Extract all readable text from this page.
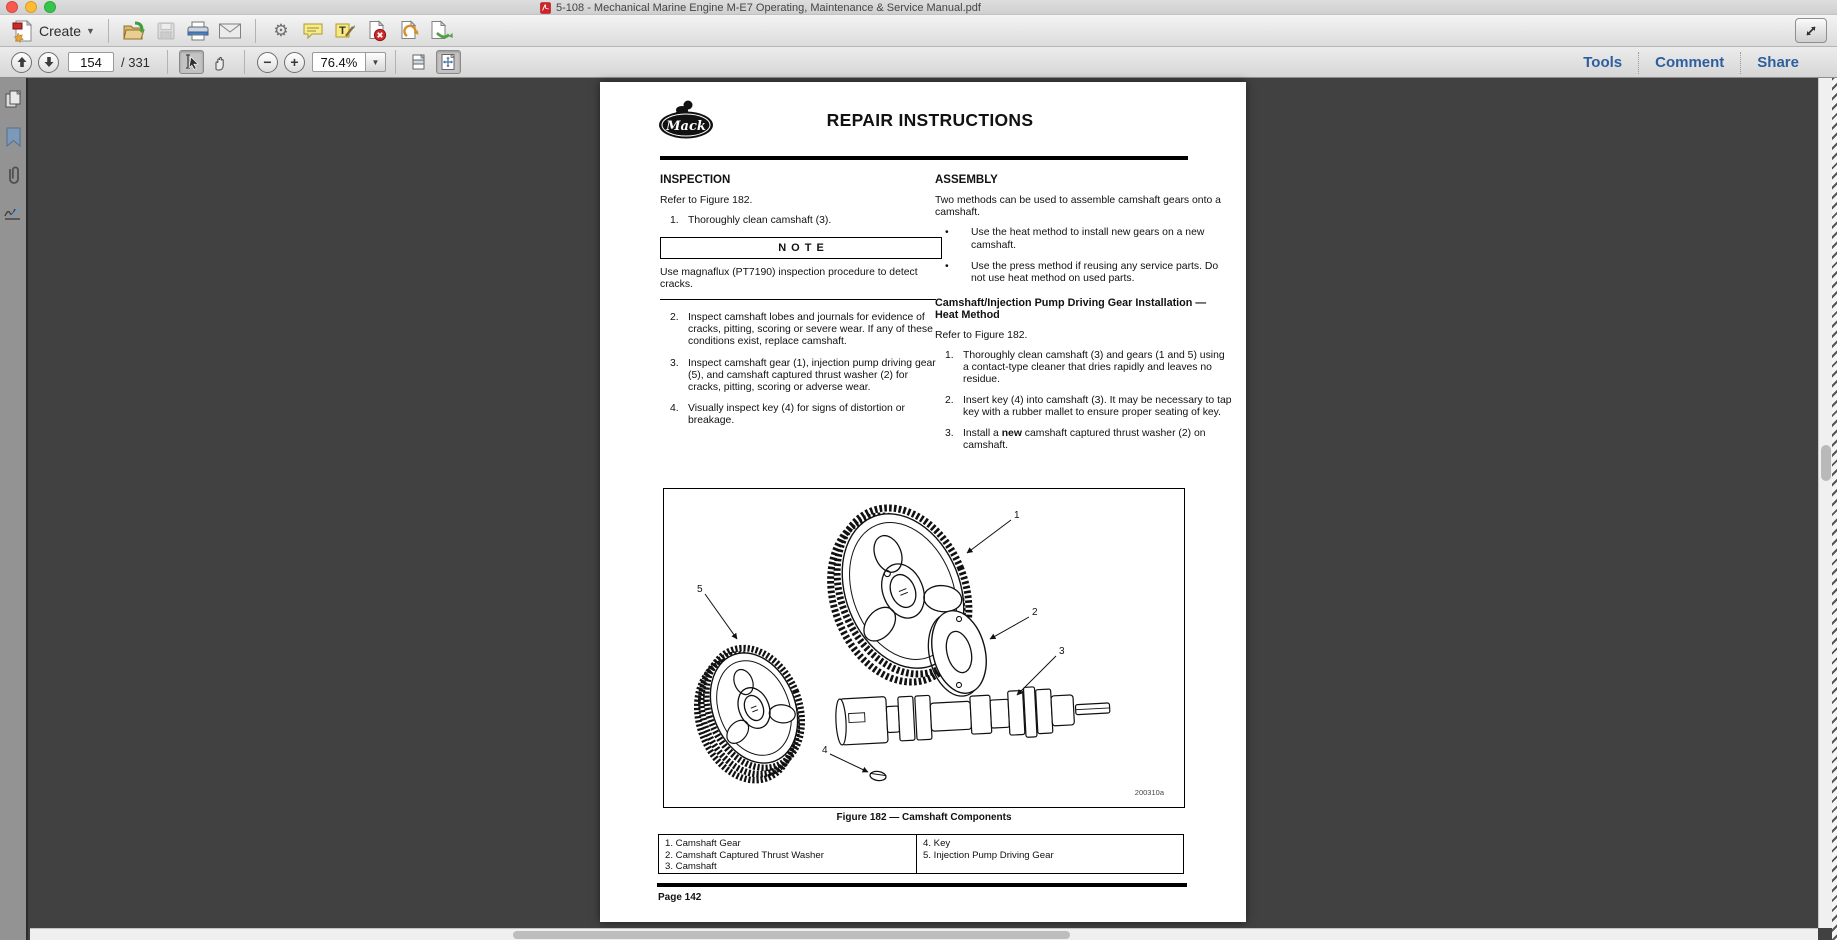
5-108 - Mechanical Marine Engine M-E7 Operating, Maintenance & Service Manual.pdf
Create ▼	⚙	T
154
/ 331	− +
76.4%	▼	Tools	Comment	Share
Mack	REPAIR INSTRUCTIONS
INSPECTION

Refer to Figure 182.

1. Thoroughly clean camshaft (3).
NOTE

Use magnaflux (PT7190) inspection procedure to detect cracks.

2. Inspect camshaft lobes and journals for evidence of cracks, pitting, scoring or severe wear. If any of these conditions exist, replace camshaft.
3. Inspect camshaft gear (1), injection pump driving gear (5), and camshaft captured thrust washer (2) for cracks, pitting, scoring or adverse wear.
4. Visually inspect key (4) for signs of distortion or breakage.
ASSEMBLY

Two methods can be used to assemble camshaft gears onto a camshaft.

•
Use the heat method to install new gears on a new camshaft.
•
Use the press method if reusing any service parts. Do not use heat method on used parts.
Camshaft/Injection Pump Driving Gear Installation — Heat Method

Refer to Figure 182.

1. Thoroughly clean camshaft (3) and gears (1 and 5) using a contact-type cleaner that dries rapidly and leaves no residue.
2. Insert key (4) into camshaft (3). It may be necessary to tap key with a rubber mallet to ensure proper seating of key.
3. Install a new camshaft captured thrust washer (2) on camshaft.
1
2
3
4
5
200310a
Figure 182 — Camshaft Components
1. Camshaft Gear
2. Camshaft Captured Thrust Washer
3. Camshaft
4. Key
5. Injection Pump Driving Gear
Page 142
